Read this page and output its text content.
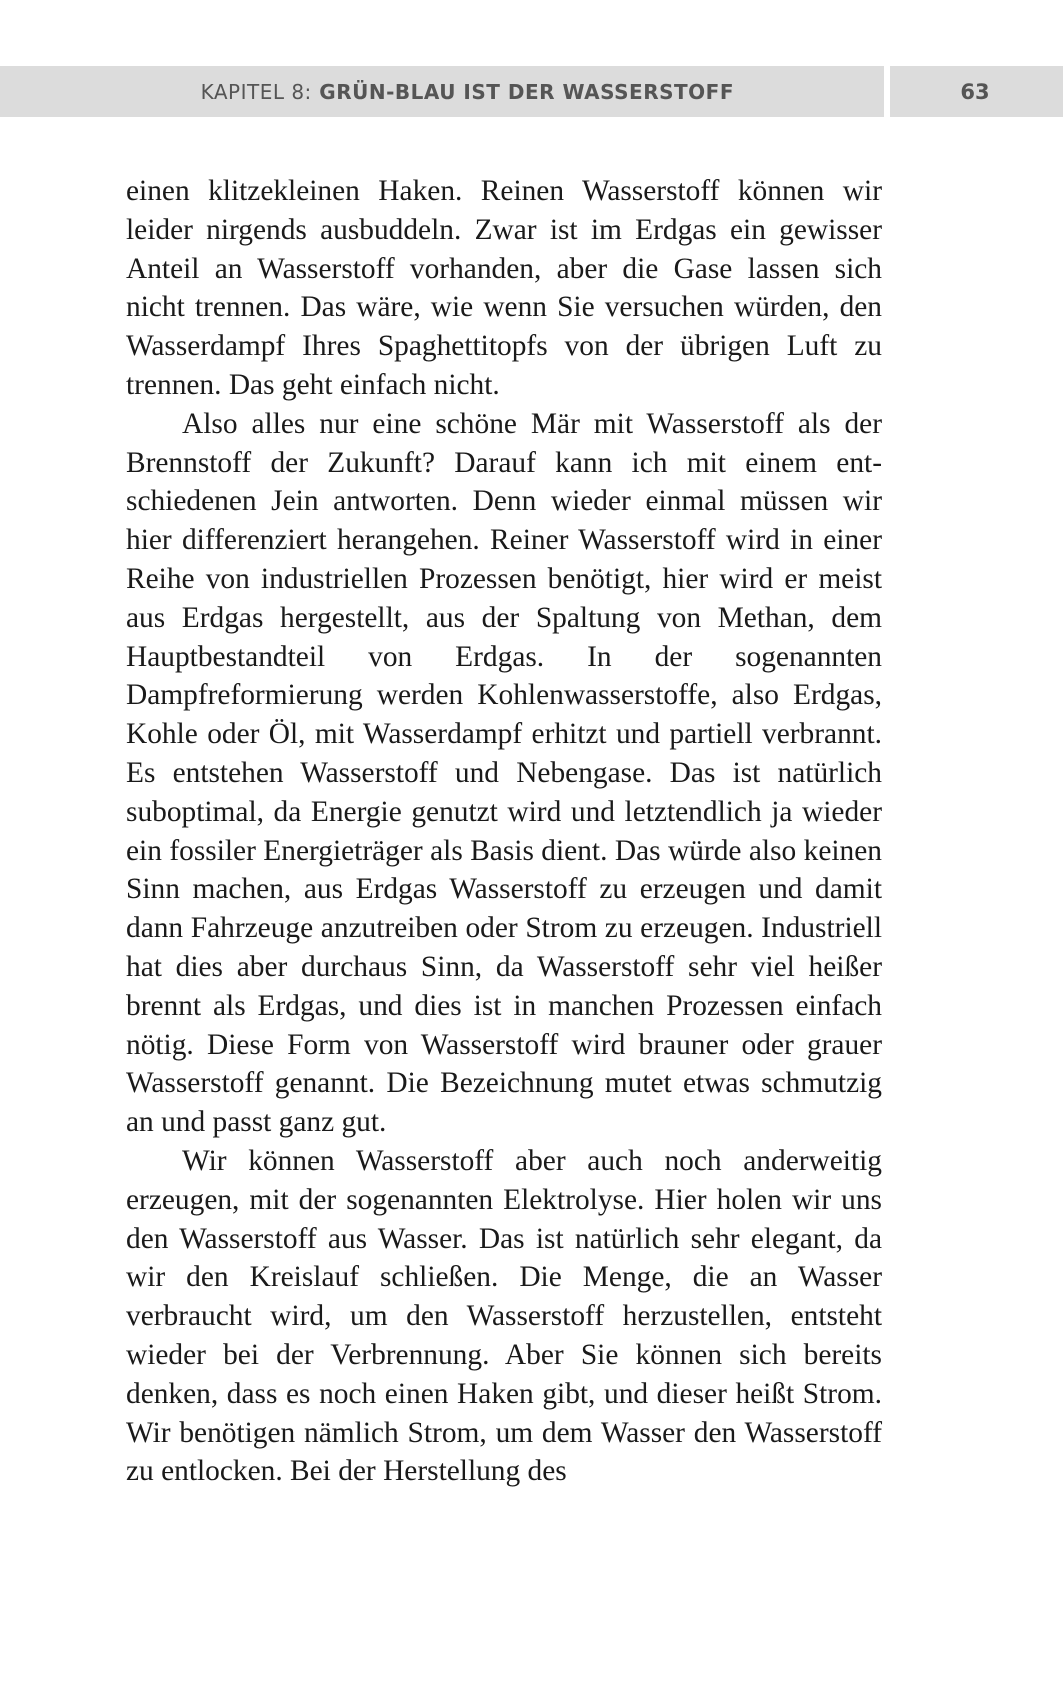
KAPITEL 8: GRÜN-BLAU IST DER WASSERSTOFF	63

einen klitzekleinen Haken. Reinen Wasserstoff können wir leider nirgends ausbuddeln. Zwar ist im Erdgas ein gewisser Anteil an Wasserstoff vorhanden, aber die Gase lassen sich nicht trennen. Das wäre, wie wenn Sie versuchen würden, den Wasserdampf Ihres Spaghettitopfs von der übrigen Luft zu trennen. Das geht einfach nicht.

Also alles nur eine schöne Mär mit Wasserstoff als der Brennstoff der Zukunft? Darauf kann ich mit einem entschiedenen Jein antworten. Denn wieder einmal müssen wir hier differenziert herangehen. Reiner Wasserstoff wird in einer Reihe von industriellen Prozessen benötigt, hier wird er meist aus Erdgas hergestellt, aus der Spaltung von Methan, dem Hauptbestandteil von Erdgas. In der sogenannten Dampfreformierung werden Kohlenwasserstoffe, also Erdgas, Kohle oder Öl, mit Wasserdampf erhitzt und partiell verbrannt. Es entstehen Wasserstoff und Nebengase. Das ist natürlich suboptimal, da Energie genutzt wird und letztendlich ja wieder ein fossiler Energieträger als Basis dient. Das würde also keinen Sinn machen, aus Erdgas Wasserstoff zu erzeugen und damit dann Fahrzeuge anzutreiben oder Strom zu erzeugen. Industriell hat dies aber durchaus Sinn, da Wasserstoff sehr viel heißer brennt als Erdgas, und dies ist in manchen Prozessen einfach nötig. Diese Form von Wasserstoff wird brauner oder grauer Wasserstoff genannt. Die Bezeichnung mutet etwas schmutzig an und passt ganz gut.

Wir können Wasserstoff aber auch noch anderweitig erzeugen, mit der sogenannten Elektrolyse. Hier holen wir uns den Wasserstoff aus Wasser. Das ist natürlich sehr elegant, da wir den Kreislauf schließen. Die Menge, die an Wasser verbraucht wird, um den Wasserstoff herzustellen, entsteht wieder bei der Verbrennung. Aber Sie können sich bereits denken, dass es noch einen Haken gibt, und dieser heißt Strom. Wir benötigen nämlich Strom, um dem Wasser den Wasserstoff zu entlocken. Bei der Herstellung des
